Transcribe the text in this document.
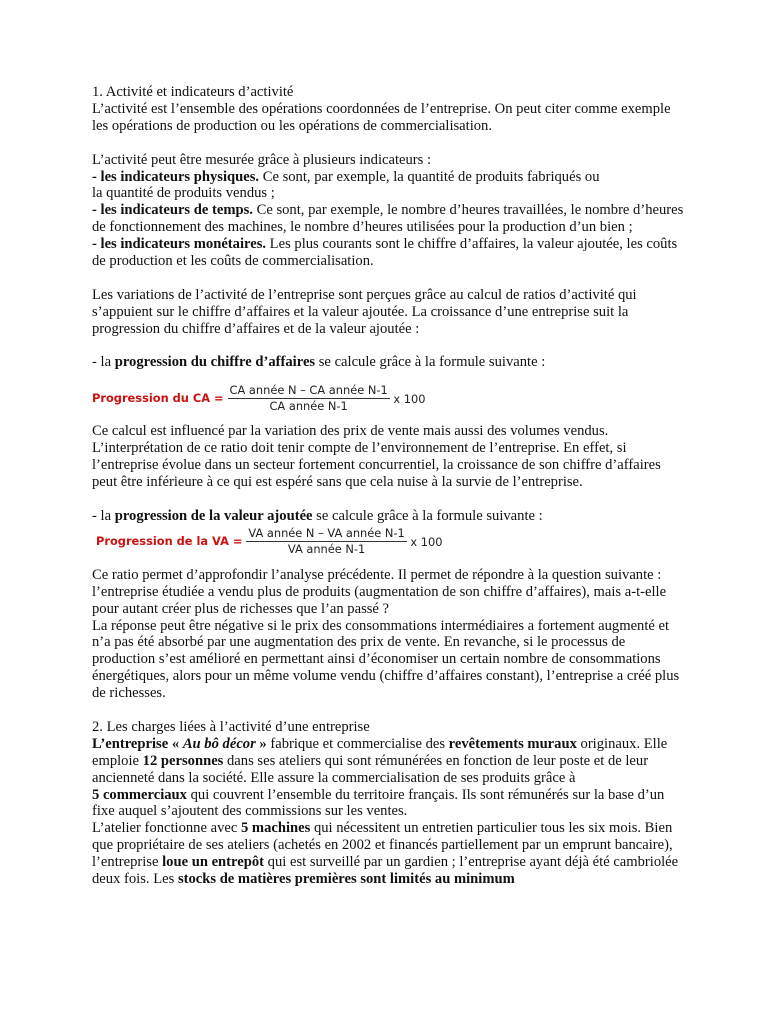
1. Activité et indicateurs d’activité

L’activité est l’ensemble des opérations coordonnées de l’entreprise. On peut citer comme exemple les opérations de production ou les opérations de commercialisation.

L’activité peut être mesurée grâce à plusieurs indicateurs :

- les indicateurs physiques. Ce sont, par exemple, la quantité de produits fabriqués ou
la quantité de produits vendus ;

- les indicateurs de temps. Ce sont, par exemple, le nombre d’heures travaillées, le nombre d’heures de fonctionnement des machines, le nombre d’heures utilisées pour la production d’un bien ;

- les indicateurs monétaires. Les plus courants sont le chiffre d’affaires, la valeur ajoutée, les coûts de production et les coûts de commercialisation.

Les variations de l’activité de l’entreprise sont perçues grâce au calcul de ratios d’activité qui s’appuient sur le chiffre d’affaires et la valeur ajoutée. La croissance d’une entreprise suit la progression du chiffre d’affaires et de la valeur ajoutée :

- la progression du chiffre d’affaires se calcule grâce à la formule suivante :

Progression du CA = $\frac{\text{CA année N – CA année N-1}}{\text{CA année N-1}}$ x 100

Ce calcul est influencé par la variation des prix de vente mais aussi des volumes vendus. L’interprétation de ce ratio doit tenir compte de l’environnement de l’entreprise. En effet, si l’entreprise évolue dans un secteur fortement concurrentiel, la croissance de son chiffre d’affaires peut être inférieure à ce qui est espéré sans que cela nuise à la survie de l’entreprise.

- la progression de la valeur ajoutée se calcule grâce à la formule suivante :

Progression de la VA = $\frac{\text{VA année N – VA année N-1}}{\text{VA année N-1}}$ x 100

Ce ratio permet d’approfondir l’analyse précédente. Il permet de répondre à la question suivante : l’entreprise étudiée a vendu plus de produits (augmentation de son chiffre d’affaires), mais a-t-elle pour autant créer plus de richesses que l’an passé ?

La réponse peut être négative si le prix des consommations intermédiaires a fortement augmenté et n’a pas été absorbé par une augmentation des prix de vente. En revanche, si le processus de production s’est amélioré en permettant ainsi d’économiser un certain nombre de consommations énergétiques, alors pour un même volume vendu (chiffre d’affaires constant), l’entreprise a créé plus de richesses.

2. Les charges liées à l’activité d’une entreprise

L’entreprise « Au bô décor » fabrique et commercialise des revêtements muraux originaux. Elle emploie 12 personnes dans ses ateliers qui sont rémunérées en fonction de leur poste et de leur ancienneté dans la société. Elle assure la commercialisation de ses produits grâce à

5 commerciaux qui couvrent l’ensemble du territoire français. Ils sont rémunérés sur la base d’un fixe auquel s’ajoutent des commissions sur les ventes.

L’atelier fonctionne avec 5 machines qui nécessitent un entretien particulier tous les six mois. Bien que propriétaire de ses ateliers (achetés en 2002 et financés partiellement par un emprunt bancaire), l’entreprise loue un entrepôt qui est surveillé par un gardien ; l’entreprise ayant déjà été cambriolée deux fois. Les stocks de matières premières sont limités au minimum
